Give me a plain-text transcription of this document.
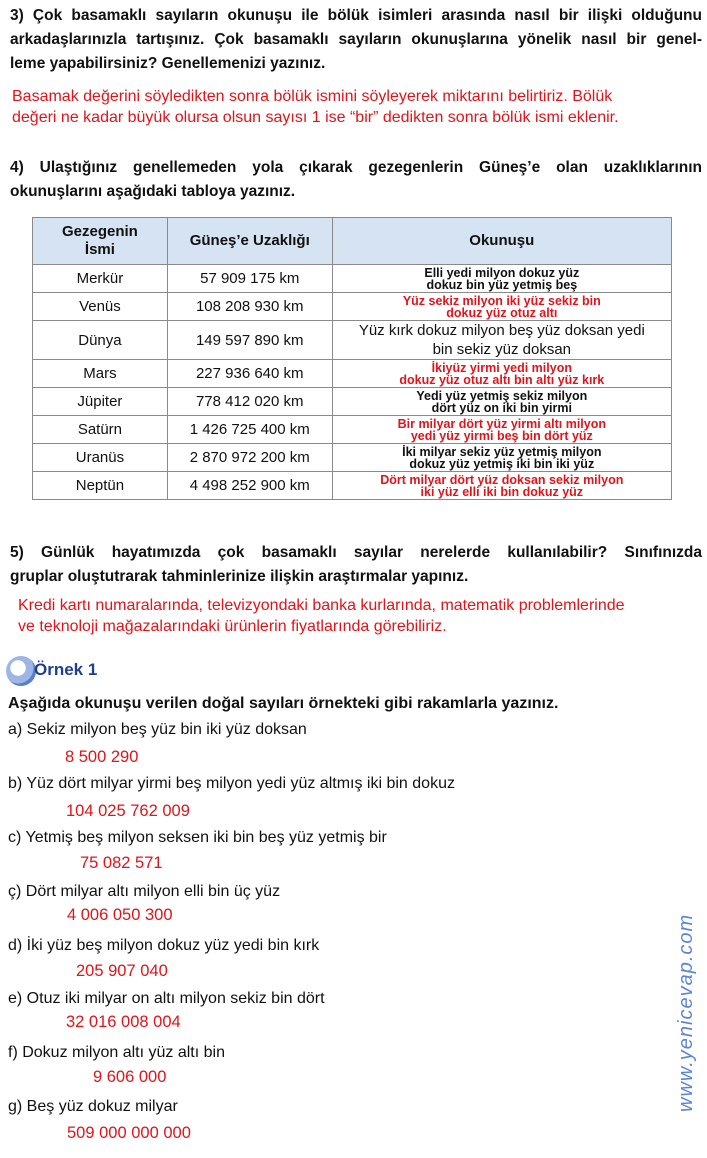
3) Çok basamaklı sayıların okunuşu ile bölük isimleri arasında nasıl bir ilişki olduğunu
arkadaşlarınızla tartışınız. Çok basamaklı sayıların okunuşlarına yönelik nasıl bir genel-
leme yapabilirsiniz? Genellemenizi yazınız.
Basamak değerini söyledikten sonra bölük ismini söyleyerek miktarını belirtiriz. Bölük
değeri ne kadar büyük olursa olsun sayısı 1 ise “bir” dedikten sonra bölük ismi eklenir.
4) Ulaştığınız genellemeden yola çıkarak gezegenlerin Güneş’e olan uzaklıklarının
okunuşlarını aşağıdaki tabloya yazınız.
Gezegenin
İsmi	Güneş’e Uzaklığı	Okunuşu
Merkür	57 909 175 km	Elli yedi milyon dokuz yüz
dokuz bin yüz yetmiş beş

Venüs	108 208 930 km	Yüz sekiz milyon iki yüz sekiz bin
dokuz yüz otuz altı

Dünya	149 597 890 km	Yüz kırk dokuz milyon beş yüz doksan yedi
bin sekiz yüz doksan

Mars	227 936 640 km	İkiyüz yirmi yedi milyon
dokuz yüz otuz altı bin altı yüz kırk

Jüpiter	778 412 020 km	Yedi yüz yetmiş sekiz milyon
dört yüz on iki bin yirmi

Satürn	1 426 725 400 km	Bir milyar dört yüz yirmi altı milyon
yedi yüz yirmi beş bin dört yüz

Uranüs	2 870 972 200 km	İki milyar sekiz yüz yetmiş milyon
dokuz yüz yetmiş iki bin iki yüz

Neptün	4 498 252 900 km	Dört milyar dört yüz doksan sekiz milyon
iki yüz elli iki bin dokuz yüz
5) Günlük hayatımızda çok basamaklı sayılar nerelerde kullanılabilir? Sınıfınızda
gruplar oluştutrarak tahminlerinize ilişkin araştırmalar yapınız.
Kredi kartı numaralarında, televizyondaki banka kurlarında, matematik problemlerinde
ve teknoloji mağazalarındaki ürünlerin fiyatlarında görebiliriz.
Örnek 1
Aşağıda okunuşu verilen doğal sayıları örnekteki gibi rakamlarla yazınız.
a) Sekiz milyon beş yüz bin iki yüz doksan
8 500 290
b) Yüz dört milyar yirmi beş milyon yedi yüz altmış iki bin dokuz
104 025 762 009
c) Yetmiş beş milyon seksen iki bin beş yüz yetmiş bir
75 082 571
ç) Dört milyar altı milyon elli bin üç yüz
4 006 050 300
d) İki yüz beş milyon dokuz yüz yedi bin kırk
205 907 040
e) Otuz iki milyar on altı milyon sekiz bin dört
32 016 008 004
f) Dokuz milyon altı yüz altı bin
9 606 000
g) Beş yüz dokuz milyar
509 000 000 000
www.yenicevap.com
